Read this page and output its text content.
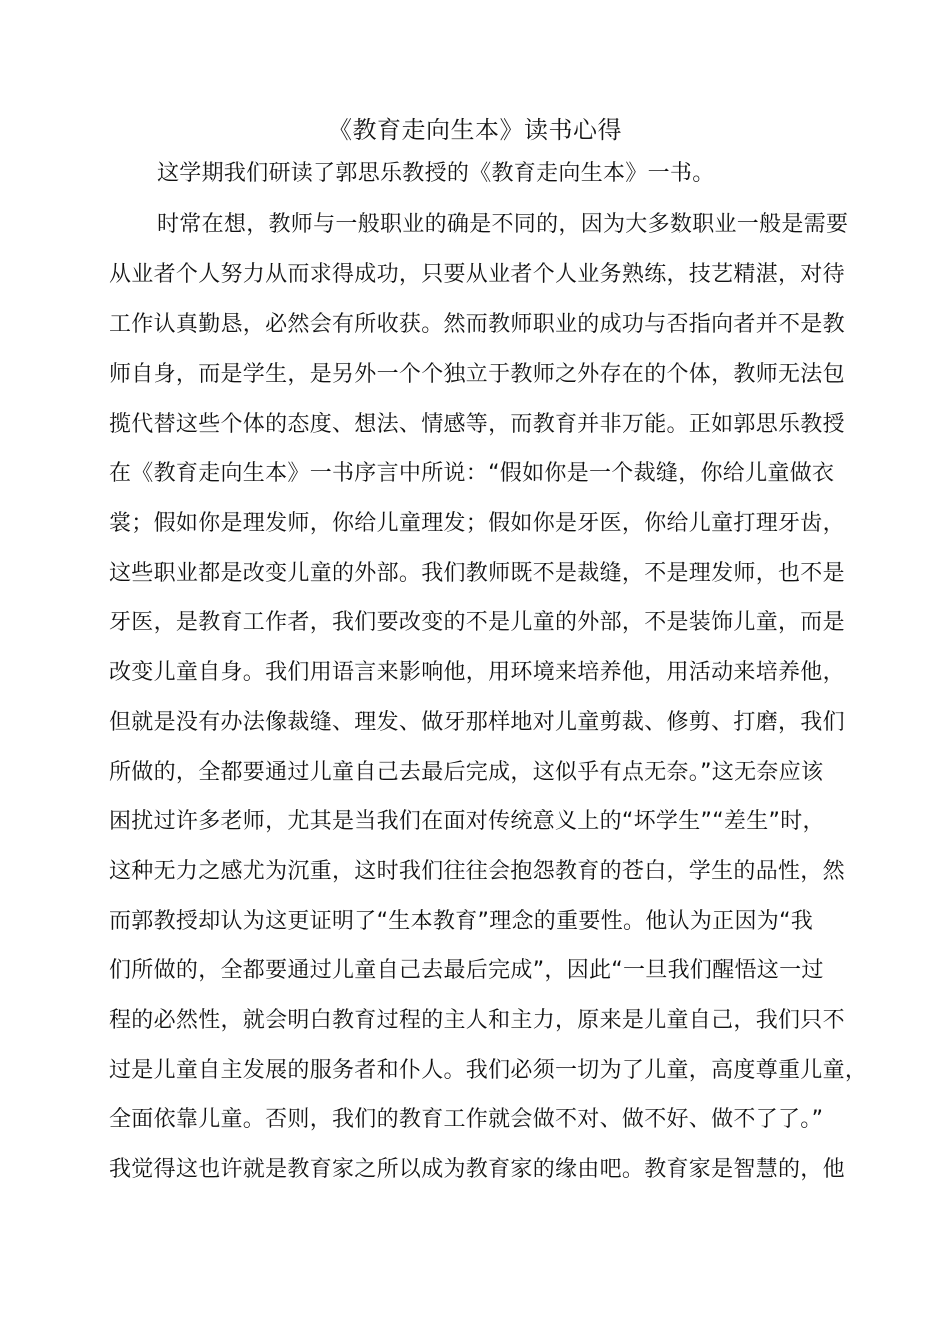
《教育走向生本》读书心得
这学期我们研读了郭思乐教授的《教育走向生本》一书。
时常在想，教师与一般职业的确是不同的，因为大多数职业一般是需要
从业者个人努力从而求得成功，只要从业者个人业务熟练，技艺精湛，对待
工作认真勤恳，必然会有所收获。然而教师职业的成功与否指向者并不是教
师自身，而是学生，是另外一个个独立于教师之外存在的个体，教师无法包
揽代替这些个体的态度、想法、情感等，而教育并非万能。正如郭思乐教授
在《教育走向生本》一书序言中所说：“假如你是一个裁缝，你给儿童做衣
裳；假如你是理发师，你给儿童理发；假如你是牙医，你给儿童打理牙齿，
这些职业都是改变儿童的外部。我们教师既不是裁缝，不是理发师，也不是
牙医，是教育工作者，我们要改变的不是儿童的外部，不是装饰儿童，而是
改变儿童自身。我们用语言来影响他，用环境来培养他，用活动来培养他，
但就是没有办法像裁缝、理发、做牙那样地对儿童剪裁、修剪、打磨，我们
所做的，全都要通过儿童自己去最后完成，这似乎有点无奈。”这无奈应该
困扰过许多老师，尤其是当我们在面对传统意义上的“坏学生”“差生”时，
这种无力之感尤为沉重，这时我们往往会抱怨教育的苍白，学生的品性，然
而郭教授却认为这更证明了“生本教育”理念的重要性。他认为正因为“我
们所做的，全都要通过儿童自己去最后完成”，因此“一旦我们醒悟这一过
程的必然性，就会明白教育过程的主人和主力，原来是儿童自己，我们只不
过是儿童自主发展的服务者和仆人。我们必须一切为了儿童，高度尊重儿童，
全面依靠儿童。否则，我们的教育工作就会做不对、做不好、做不了了。”
我觉得这也许就是教育家之所以成为教育家的缘由吧。教育家是智慧的，他
